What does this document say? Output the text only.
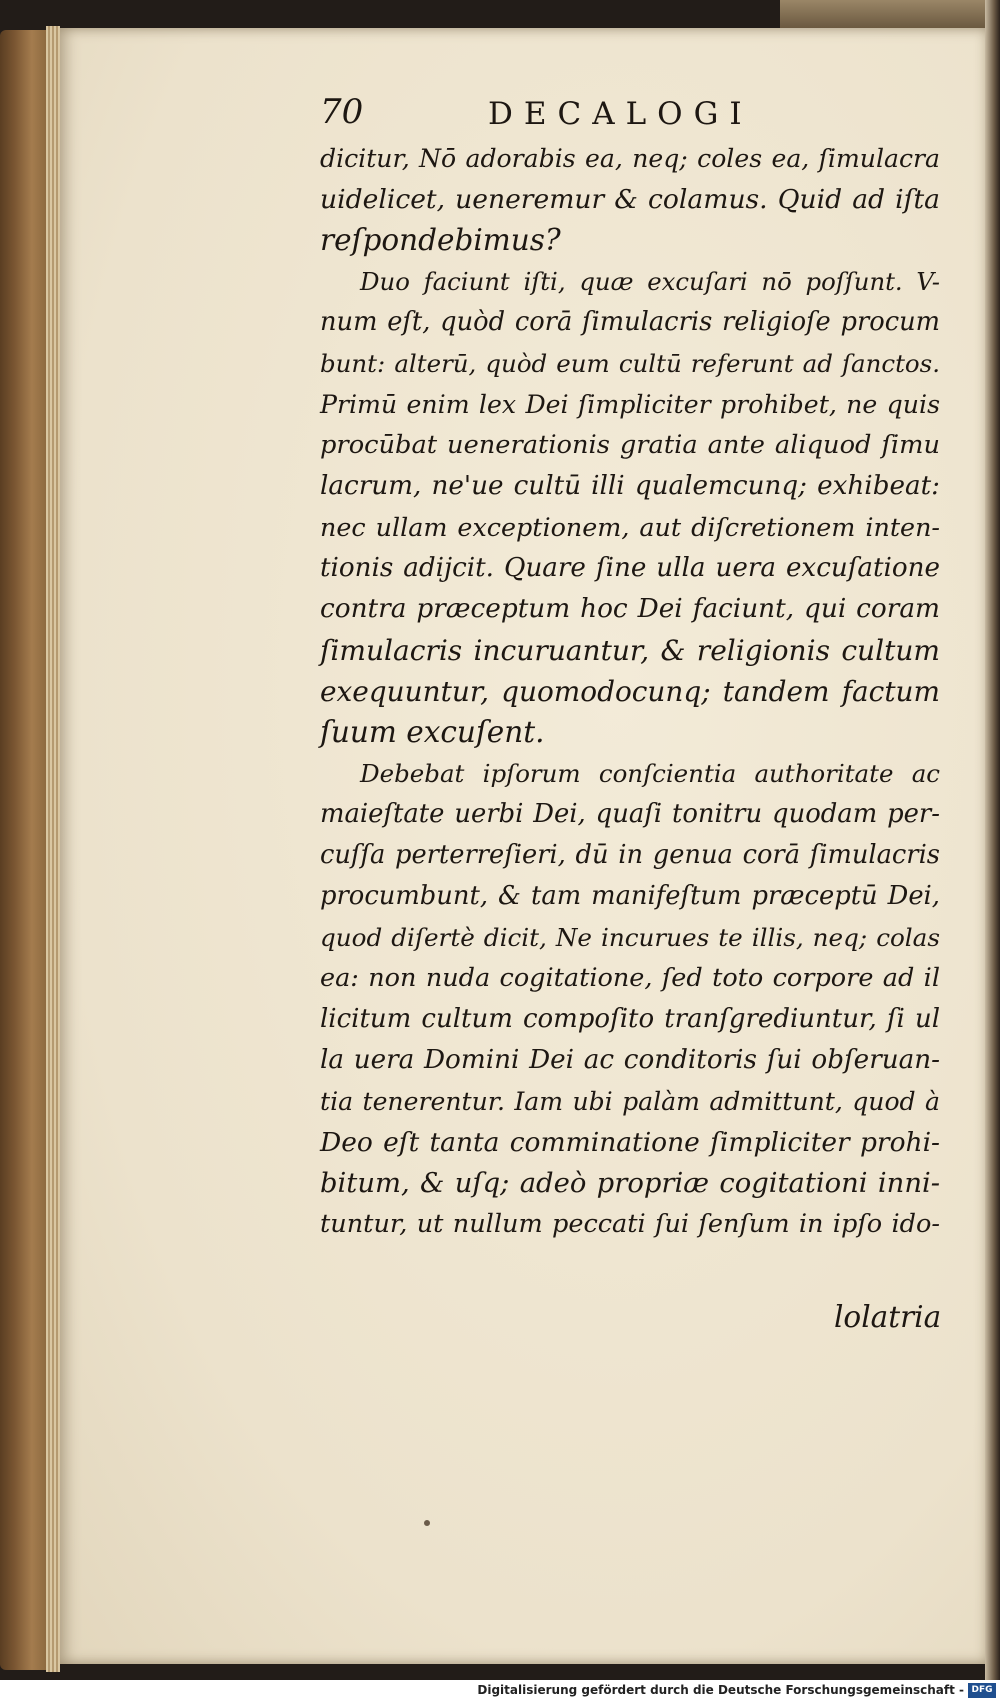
70	DECALOGI
dicitur, Nō adorabis ea, neq; coles ea, ſimulacra
uidelicet, ueneremur & colamus. Quid ad iſta
reſpondebimus?
Duo faciunt iſti, quæ excuſari nō poſſunt. V-
num eſt, quòd corā ſimulacris religioſe procum
bunt: alterū, quòd eum cultū referunt ad ſanctos.
Primū enim lex Dei ſimpliciter prohibet, ne quis
procūbat uenerationis gratia ante aliquod ſimu
lacrum, ne'ue cultū illi qualemcunq; exhibeat:
nec ullam exceptionem, aut diſcretionem inten-
tionis adijcit. Quare ſine ulla uera excuſatione
contra præceptum hoc Dei faciunt, qui coram
ſimulacris incuruantur, & religionis cultum
exequuntur, quomodocunq; tandem factum
ſuum excuſent.
Debebat ipſorum conſcientia authoritate ac
maieſtate uerbi Dei, quaſi tonitru quodam per-
cuſſa perterreſieri, dū in genua corā ſimulacris
procumbunt, & tam manifeſtum præceptū Dei,
quod diſertè dicit, Ne incurues te illis, neq; colas
ea: non nuda cogitatione, ſed toto corpore ad il
licitum cultum compoſito tranſgrediuntur, ſi ul
la uera Domini Dei ac conditoris ſui obſeruan-
tia tenerentur. Iam ubi palàm admittunt, quod à
Deo eſt tanta comminatione ſimpliciter prohi-
bitum, & uſq; adeò propriæ cogitationi inni-
tuntur, ut nullum peccati ſui ſenſum in ipſo ido-
lolatria
Digitalisierung gefördert durch die Deutsche Forschungsgemeinschaft - DFG
